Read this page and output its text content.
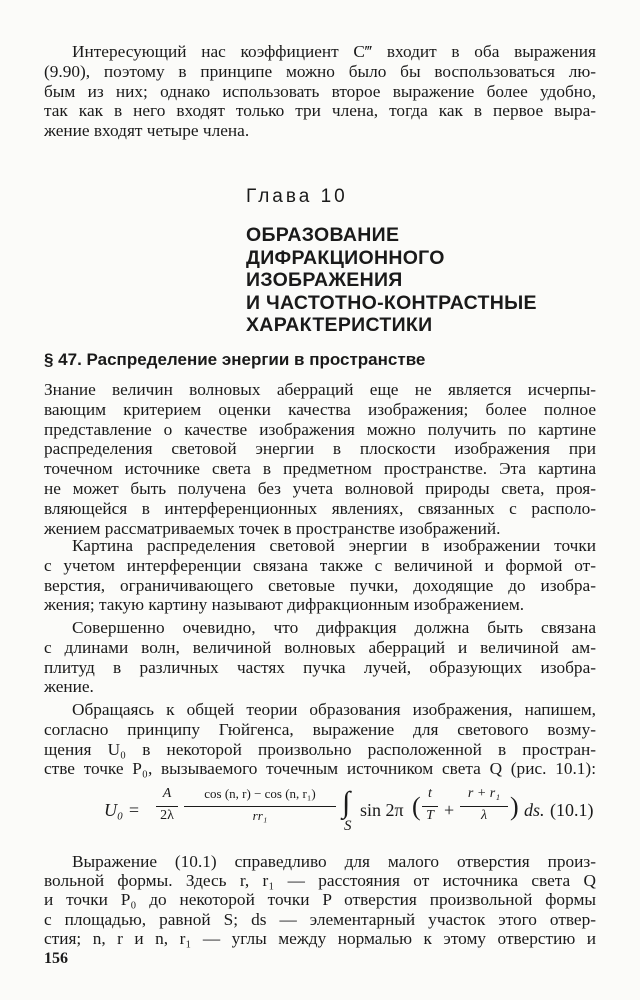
Интересующий нас коэффициент C‴ входит в оба выражения
(9.90), поэтому в принципе можно было бы воспользоваться лю-
бым из них; однако использовать второе выражение более удобно,
так как в него входят только три члена, тогда как в первое выра-
жение входят четыре члена.
Глава 10
ОБРАЗОВАНИЕ
ДИФРАКЦИОННОГО
ИЗОБРАЖЕНИЯ
И ЧАСТОТНО-КОНТРАСТНЫЕ
ХАРАКТЕРИСТИКИ
§ 47. Распределение энергии в пространстве
Знание величин волновых аберраций еще не является исчерпы-
вающим критерием оценки качества изображения; более полное
представление о качестве изображения можно получить по картине
распределения световой энергии в плоскости изображения при
точечном источнике света в предметном пространстве. Эта картина
не может быть получена без учета волновой природы света, проя-
вляющейся в интерференционных явлениях, связанных с располо-
жением рассматриваемых точек в пространстве изображений.
Картина распределения световой энергии в изображении точки
с учетом интерференции связана также с величиной и формой от-
верстия, ограничивающего световые пучки, доходящие до изобра-
жения; такую картину называют дифракционным изображением.
Совершенно очевидно, что дифракция должна быть связана
с длинами волн, величиной волновых аберраций и величиной ам-
плитуд в различных частях пучка лучей, образующих изобра-
жение.
Обращаясь к общей теории образования изображения, напишем,
согласно принципу Гюйгенса, выражение для светового возму-
щения U₀ в некоторой произвольно расположенной в простран-
стве точке P₀, вызываемого точечным источником света Q (рис. 10.1):
U₀ =
A
2λ
cos (n, r) − cos (n, r₁)
rr₁	∫
S
sin 2π ( t
T +
r + r₁
λ ) ds. (10.1)
Выражение (10.1) справедливо для малого отверстия произ-
вольной формы. Здесь r, r₁ — расстояния от источника света Q
и точки P₀ до некоторой точки P отверстия произвольной формы
с площадью, равной S; ds — элементарный участок этого отвер-
стия; n, r и n, r₁ — углы между нормалью к этому отверстию и
156
